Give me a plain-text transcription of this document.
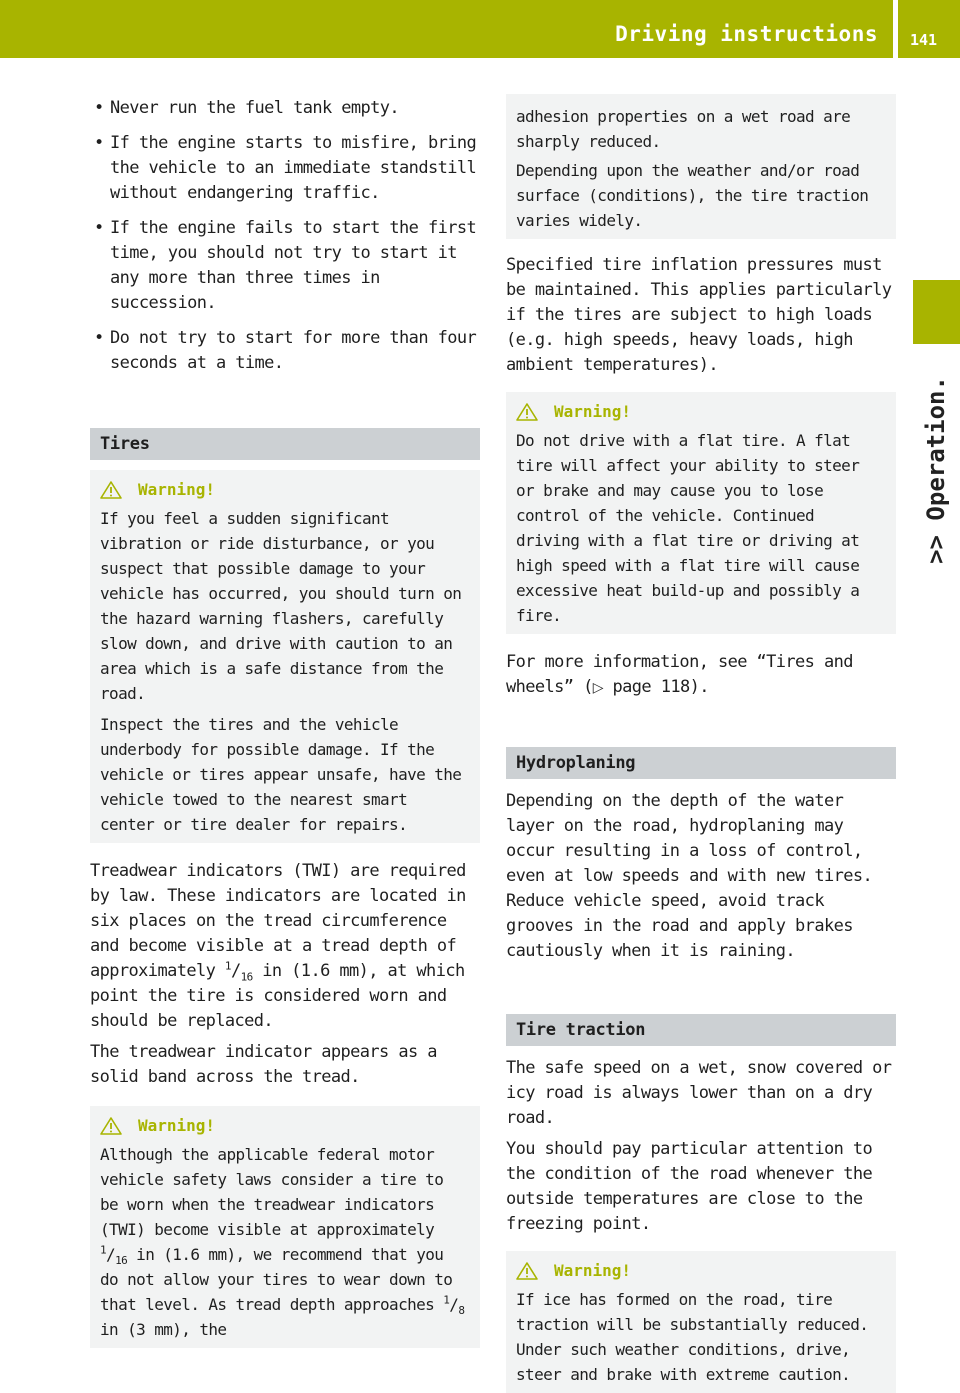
Driving instructions 141
>> Operation.
• Never run the fuel tank empty.
• If the engine starts to misfire, bring the vehicle to an immediate standstill without endangering traffic.
• If the engine fails to start the first time, you should not try to start it any more than three times in succession.
• Do not try to start for more than four seconds at a time.
Tires
Warning!

If you feel a sudden significant vibration or ride disturbance, or you suspect that possible damage to your vehicle has occurred, you should turn on the hazard warning flashers, carefully slow down, and drive with caution to an area which is a safe distance from the road.

Inspect the tires and the vehicle underbody for possible damage. If the vehicle or tires appear unsafe, have the vehicle towed to the nearest smart center or tire dealer for repairs.

Treadwear indicators (TWI) are required by law. These indicators are located in six places on the tread circumference and become visible at a tread depth of approximately $^1/_{16}$ in (1.6 mm), at which point the tire is considered worn and should be replaced.

The treadwear indicator appears as a solid band across the tread.

Warning!

Although the applicable federal motor vehicle safety laws consider a tire to be worn when the treadwear indicators (TWI) become visible at approximately $^1/_{16}$ in (1.6 mm), we recommend that you do not allow your tires to wear down to that level. As tread depth approaches $^1/_8$ in (3 mm), the

adhesion properties on a wet road are sharply reduced.

Depending upon the weather and/or road surface (conditions), the tire traction varies widely.

Specified tire inflation pressures must be maintained. This applies particularly if the tires are subject to high loads (e.g. high speeds, heavy loads, high ambient temperatures).

Warning!

Do not drive with a flat tire. A flat tire will affect your ability to steer or brake and may cause you to lose control of the vehicle. Continued driving with a flat tire or driving at high speed with a flat tire will cause excessive heat build-up and possibly a fire.

For more information, see “Tires and wheels” (▷ page 118).

Hydroplaning

Depending on the depth of the water layer on the road, hydroplaning may occur resulting in a loss of control, even at low speeds and with new tires. Reduce vehicle speed, avoid track grooves in the road and apply brakes cautiously when it is raining.

Tire traction

The safe speed on a wet, snow covered or icy road is always lower than on a dry road.

You should pay particular attention to the condition of the road whenever the outside temperatures are close to the freezing point.

Warning!

If ice has formed on the road, tire traction will be substantially reduced. Under such weather conditions, drive, steer and brake with extreme caution.
